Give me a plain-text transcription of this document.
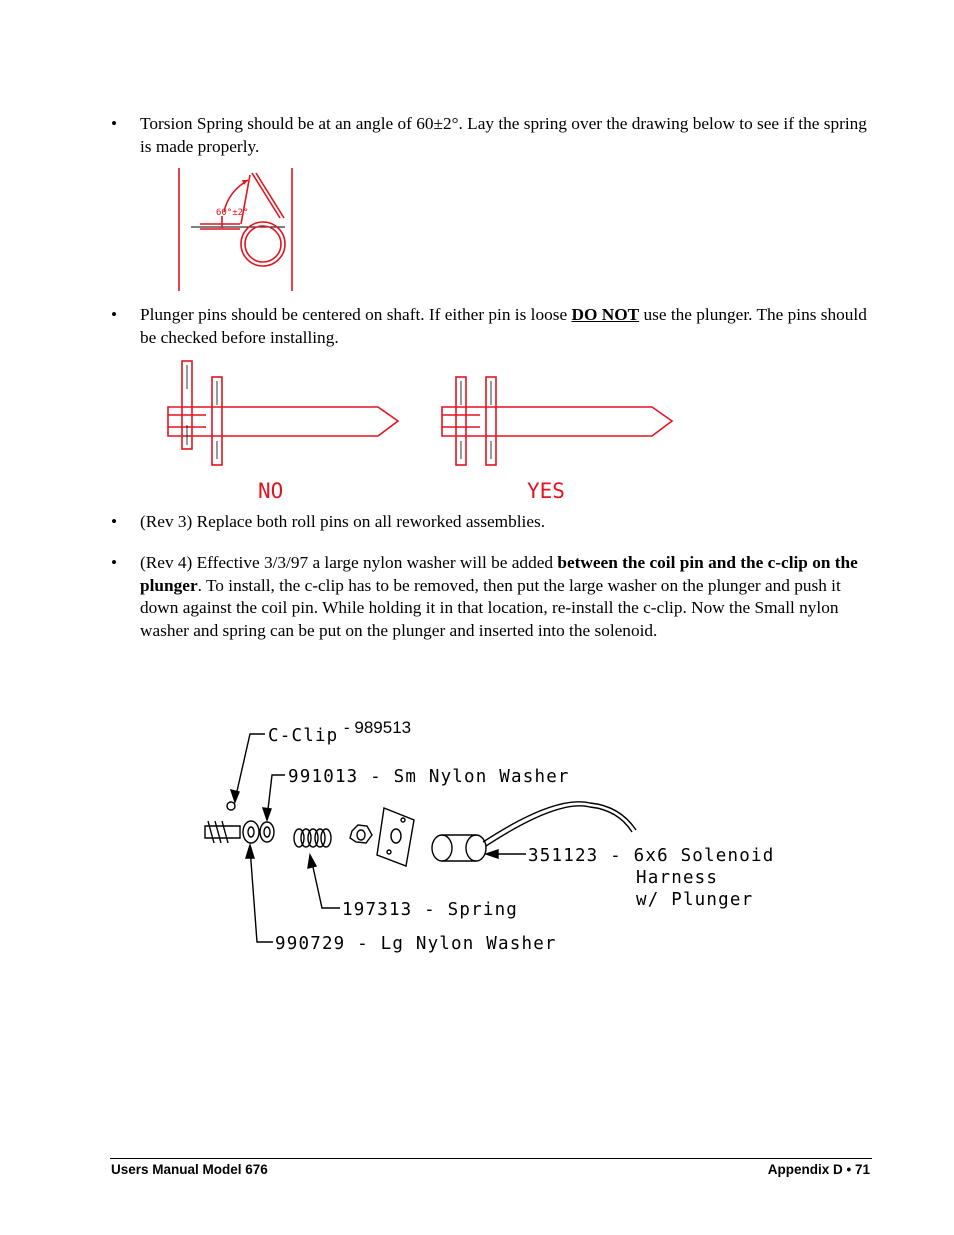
•	Torsion Spring should be at an angle of 60±2°. Lay the spring over the drawing below to see if the spring is made properly.
60°±2°
•	Plunger pins should be centered on shaft. If either pin is loose DO NOT use the plunger. The pins should be checked before installing.
NO	YES
•	(Rev 3) Replace both roll pins on all reworked assemblies.
•	(Rev 4) Effective 3/3/97 a large nylon washer will be added between the coil pin and the c-clip on the plunger. To install, the c-clip has to be removed, then put the large washer on the plunger and push it down against the coil pin. While holding it in that location, re-install the c-clip. Now the Small nylon washer and spring can be put on the plunger and inserted into the solenoid.
C-Clip - 989513
991013 - Sm Nylon Washer
351123 - 6x6 Solenoid
Harness
w/ Plunger
197313 - Spring
990729 - Lg Nylon Washer
Users Manual Model 676	Appendix D • 71
